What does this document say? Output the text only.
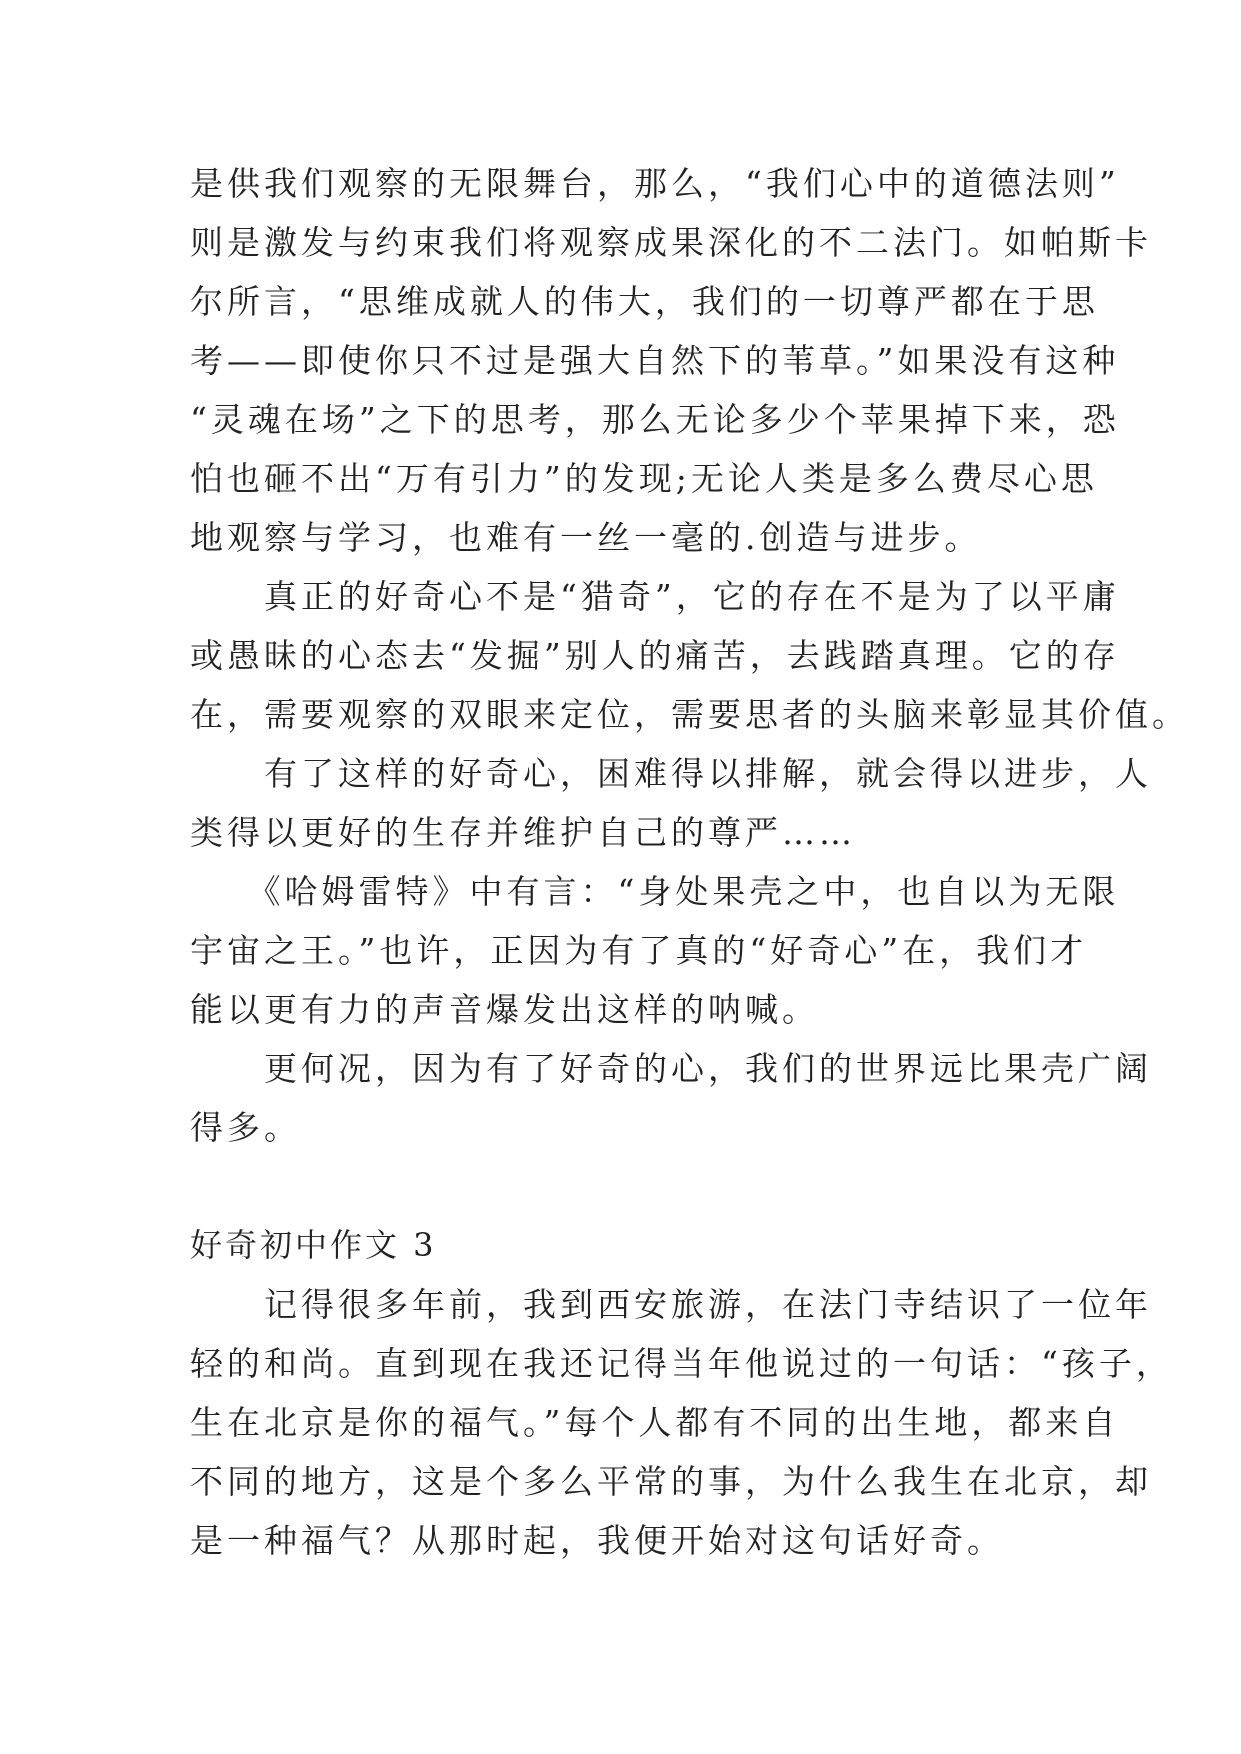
是供我们观察的无限舞台，那么，“我们心中的道德法则”
则是激发与约束我们将观察成果深化的不二法门。如帕斯卡
尔所言，“思维成就人的伟大，我们的一切尊严都在于思
考——即使你只不过是强大自然下的苇草。”如果没有这种
“灵魂在场”之下的思考，那么无论多少个苹果掉下来，恐
怕也砸不出“万有引力”的发现;无论人类是多么费尽心思
地观察与学习，也难有一丝一毫的.创造与进步。
　　真正的好奇心不是“猎奇”，它的存在不是为了以平庸
或愚昧的心态去“发掘”别人的痛苦，去践踏真理。它的存
在，需要观察的双眼来定位，需要思者的头脑来彰显其价值。
　　有了这样的好奇心，困难得以排解，就会得以进步，人
类得以更好的生存并维护自己的尊严……
　　《哈姆雷特》中有言：“身处果壳之中，也自以为无限
宇宙之王。”也许，正因为有了真的“好奇心”在，我们才
能以更有力的声音爆发出这样的呐喊。
　　更何况，因为有了好奇的心，我们的世界远比果壳广阔
得多。
好奇初中作文 3
　　记得很多年前，我到西安旅游，在法门寺结识了一位年
轻的和尚。直到现在我还记得当年他说过的一句话：“孩子，
生在北京是你的福气。”每个人都有不同的出生地，都来自
不同的地方，这是个多么平常的事，为什么我生在北京，却
是一种福气？从那时起，我便开始对这句话好奇。
